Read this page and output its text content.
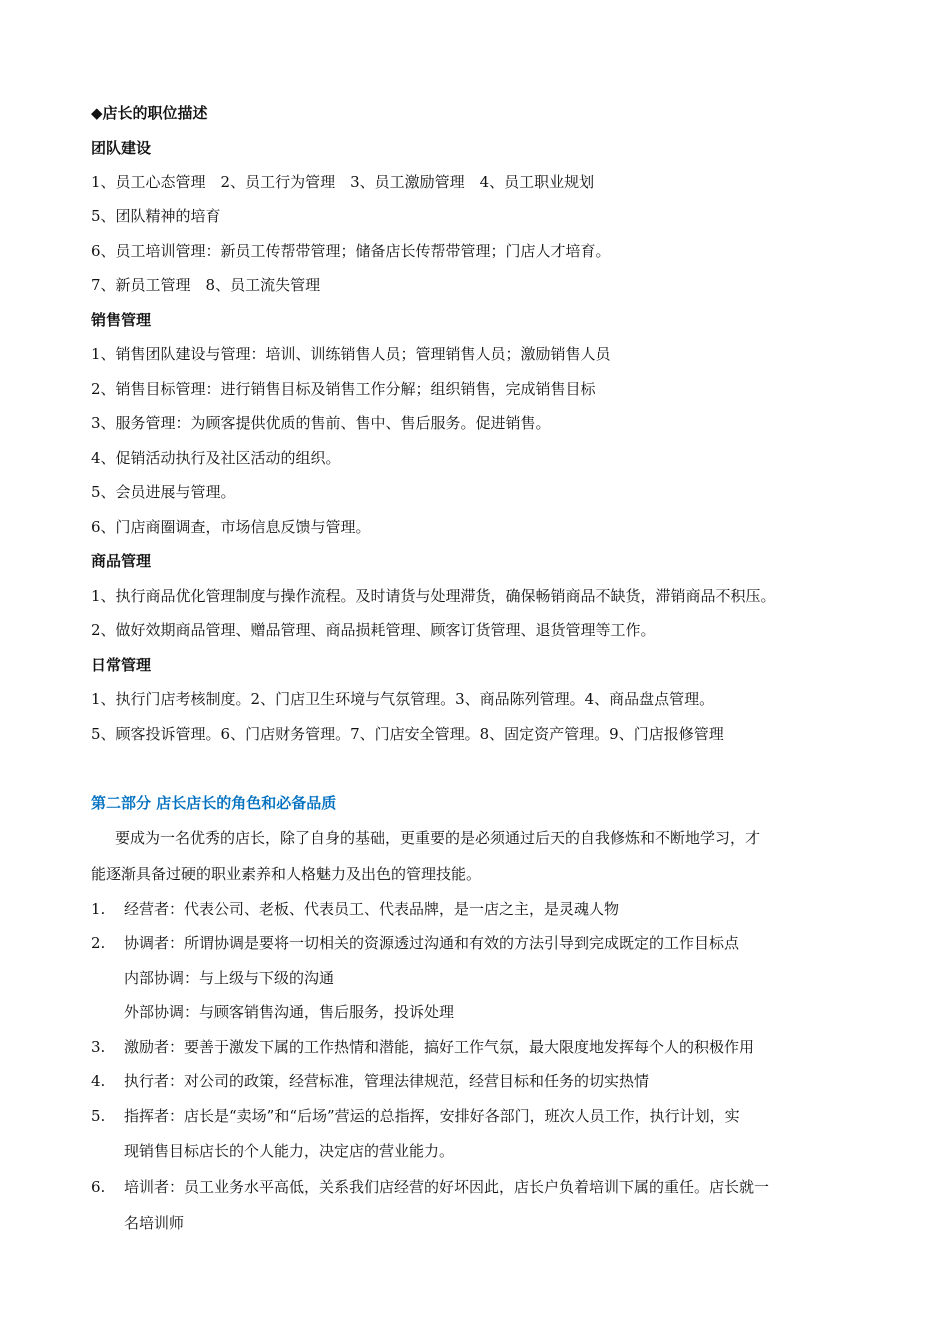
◆店长的职位描述
团队建设
1、员工心态管理　2、员工行为管理　3、员工激励管理　4、员工职业规划
5、团队精神的培育
6、员工培训管理：新员工传帮带管理；储备店长传帮带管理；门店人才培育。
7、新员工管理　8、员工流失管理
销售管理
1、销售团队建设与管理：培训、训练销售人员；管理销售人员；激励销售人员
2、销售目标管理：进行销售目标及销售工作分解；组织销售，完成销售目标
3、服务管理：为顾客提供优质的售前、售中、售后服务。促进销售。
4、促销活动执行及社区活动的组织。
5、会员进展与管理。
6、门店商圈调查，市场信息反馈与管理。
商品管理
1、执行商品优化管理制度与操作流程。及时请货与处理滞货，确保畅销商品不缺货，滞销商品不积压。
2、做好效期商品管理、赠品管理、商品损耗管理、顾客订货管理、退货管理等工作。
日常管理
1、执行门店考核制度。2、门店卫生环境与气氛管理。3、商品陈列管理。4、商品盘点管理。
5、顾客投诉管理。6、门店财务管理。7、门店安全管理。8、固定资产管理。9、门店报修管理
第二部分 店长店长的角色和必备品质
要成为一名优秀的店长，除了自身的基础，更重要的是必须通过后天的自我修炼和不断地学习，才
能逐渐具备过硬的职业素养和人格魅力及出色的管理技能。
1. 经营者：代表公司、老板、代表员工、代表品牌，是一店之主，是灵魂人物
2. 协调者：所谓协调是要将一切相关的资源透过沟通和有效的方法引导到完成既定的工作目标点
内部协调：与上级与下级的沟通
外部协调：与顾客销售沟通，售后服务，投诉处理
3. 激励者：要善于激发下属的工作热情和潜能，搞好工作气氛，最大限度地发挥每个人的积极作用
4. 执行者：对公司的政策，经营标准，管理法律规范，经营目标和任务的切实热情
5. 指挥者：店长是“卖场”和“后场”营运的总指挥，安排好各部门，班次人员工作，执行计划，实
现销售目标店长的个人能力，决定店的营业能力。
6. 培训者：员工业务水平高低，关系我们店经营的好坏因此，店长户负着培训下属的重任。店长就一
名培训师
